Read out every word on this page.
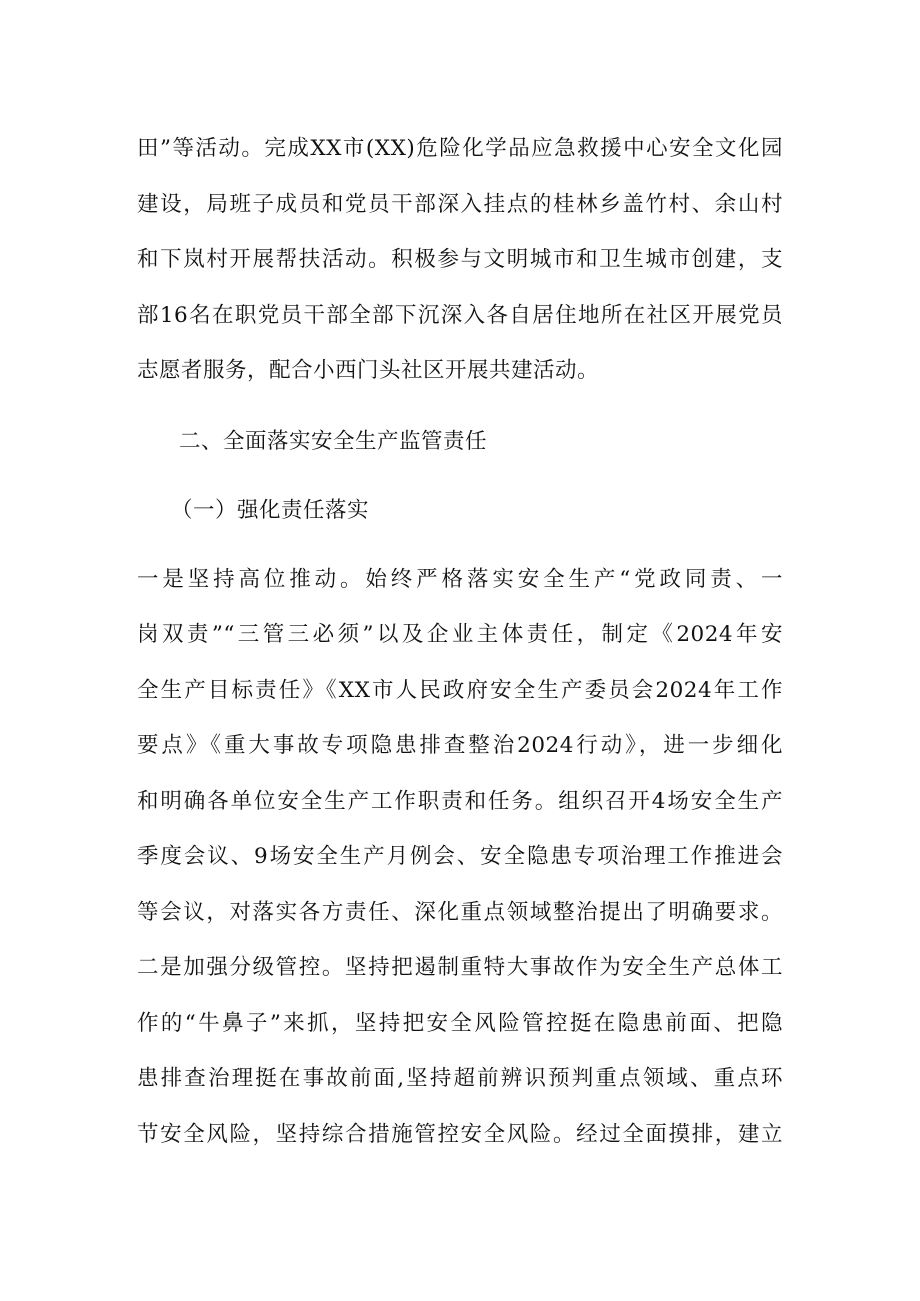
田”等活动。完成XX市(XX)危险化学品应急救援中心安全文化园
建设，局班子成员和党员干部深入挂点的桂林乡盖竹村、余山村
和下岚村开展帮扶活动。积极参与文明城市和卫生城市创建，支
部16名在职党员干部全部下沉深入各自居住地所在社区开展党员
志愿者服务，配合小西门头社区开展共建活动。
二、全面落实安全生产监管责任
（一）强化责任落实
一是坚持高位推动。始终严格落实安全生产“党政同责、一
岗双责”“三管三必须”以及企业主体责任，制定《2024年安
全生产目标责任》《XX市人民政府安全生产委员会2024年工作
要点》《重大事故专项隐患排查整治2024行动》，进一步细化
和明确各单位安全生产工作职责和任务。组织召开4场安全生产
季度会议、9场安全生产月例会、安全隐患专项治理工作推进会
等会议，对落实各方责任、深化重点领域整治提出了明确要求。
二是加强分级管控。坚持把遏制重特大事故作为安全生产总体工
作的“牛鼻子”来抓，坚持把安全风险管控挺在隐患前面、把隐
患排查治理挺在事故前面,坚持超前辨识预判重点领域、重点环
节安全风险，坚持综合措施管控安全风险。经过全面摸排，建立
